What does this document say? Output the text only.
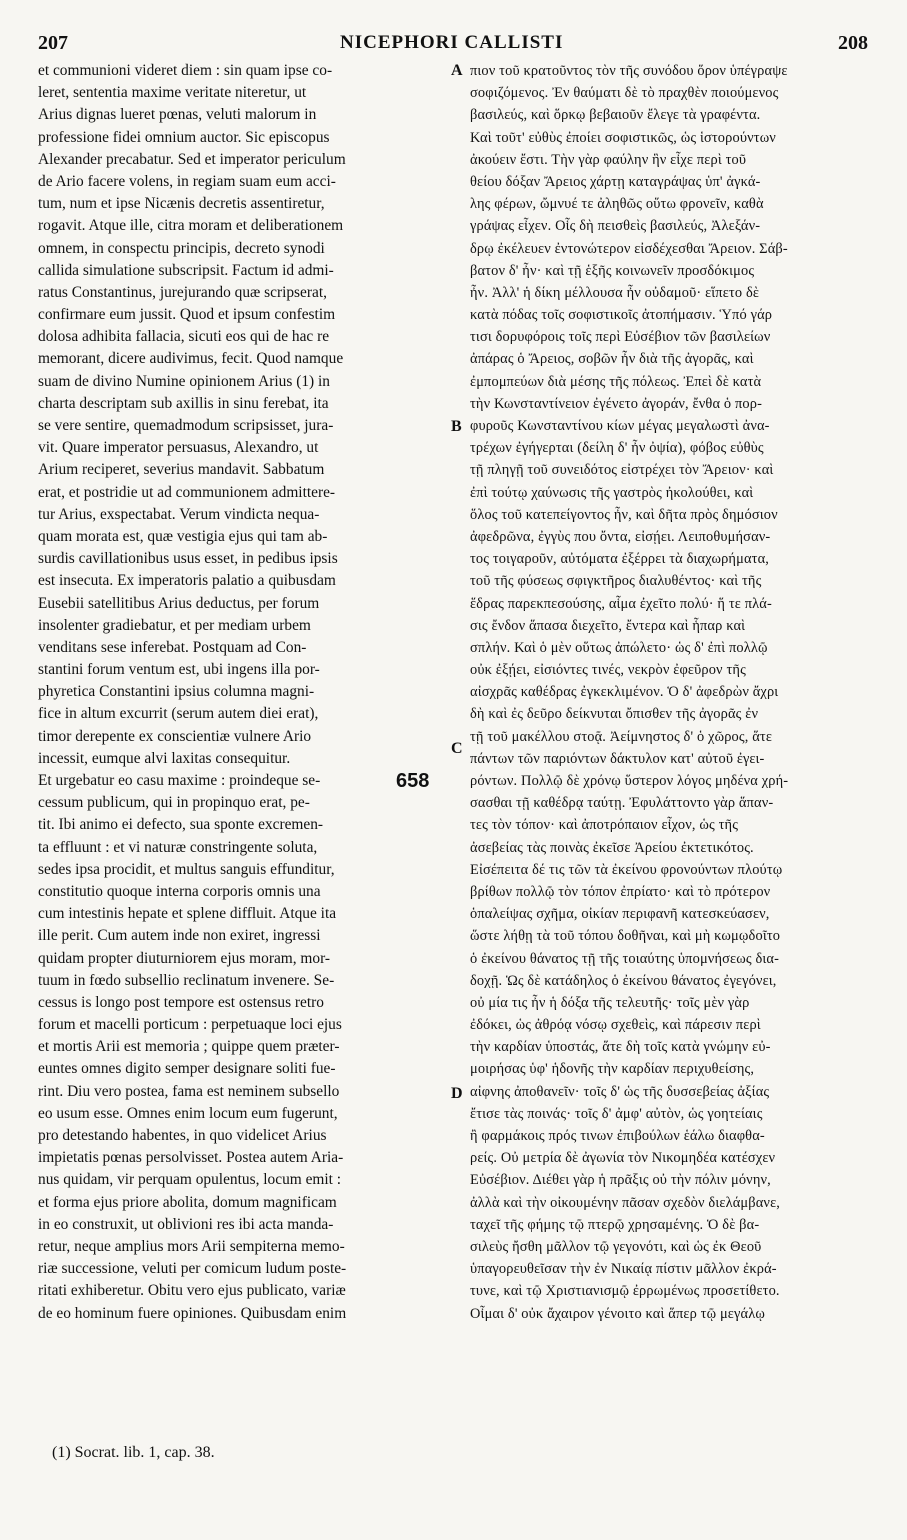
207	NICEPHORI CALLISTI	208
et communioni videret diem : sin quam ipse co-
leret, sententia maxime veritate niteretur, ut
Arius dignas lueret pœnas, veluti malorum in
professione fidei omnium auctor. Sic episcopus
Alexander precabatur. Sed et imperator periculum
de Ario facere volens, in regiam suam eum acci-
tum, num et ipse Nicænis decretis assentiretur,
rogavit. Atque ille, citra moram et deliberationem
omnem, in conspectu principis, decreto synodi
callida simulatione subscripsit. Factum id admi-
ratus Constantinus, jurejurando quæ scripserat,
confirmare eum jussit. Quod et ipsum confestim
dolosa adhibita fallacia, sicuti eos qui de hac re
memorant, dicere audivimus, fecit. Quod namque
suam de divino Numine opinionem Arius (1) in
charta descriptam sub axillis in sinu ferebat, ita
se vere sentire, quemadmodum scripsisset, jura-
vit. Quare imperator persuasus, Alexandro, ut
Arium reciperet, severius mandavit. Sabbatum
erat, et postridie ut ad communionem admittere-
tur Arius, exspectabat. Verum vindicta nequa-
quam morata est, quæ vestigia ejus qui tam ab-
surdis cavillationibus usus esset, in pedibus ipsis
est insecuta. Ex imperatoris palatio a quibusdam
Eusebii satellitibus Arius deductus, per forum
insolenter gradiebatur, et per mediam urbem
venditans sese inferebat. Postquam ad Con-
stantini forum ventum est, ubi ingens illa por-
phyretica Constantini ipsius columna magni-
fice in altum excurrit (serum autem diei erat),
timor derepente ex conscientiæ vulnere Ario
incessit, eumque alvi laxitas consequitur.
Et urgebatur eo casu maxime : proindeque se-
cessum publicum, qui in propinquo erat, pe-
tit. Ibi animo ei defecto, sua sponte excremen-
ta effluunt : et vi naturæ constringente soluta,
sedes ipsa procidit, et multus sanguis effunditur,
constitutio quoque interna corporis omnis una
cum intestinis hepate et splene diffluit. Atque ita
ille perit. Cum autem inde non exiret, ingressi
quidam propter diuturniorem ejus moram, mor-
tuum in fœdo subsellio reclinatum invenere. Se-
cessus is longo post tempore est ostensus retro
forum et macelli porticum : perpetuaque loci ejus
et mortis Arii est memoria ; quippe quem præter-
euntes omnes digito semper designare soliti fue-
rint. Diu vero postea, fama est neminem subsello
eo usum esse. Omnes enim locum eum fugerunt,
pro detestando habentes, in quo videlicet Arius
impietatis pœnas persolvisset. Postea autem Aria-
nus quidam, vir perquam opulentus, locum emit :
et forma ejus priore abolita, domum magnificam
in eo construxit, ut oblivioni res ibi acta manda-
retur, neque amplius mors Arii sempiterna memo-
riæ successione, veluti per comicum ludum poste-
ritati exhiberetur. Obitu vero ejus publicato, variæ
de eo hominum fuere opiniones. Quibusdam enim
πιον τοῦ κρατοῦντος τὸν τῆς συνόδου ὅρον ὑπέγραψε
σοφιζόμενος. Ἐν θαύματι δὲ τὸ πραχθὲν ποιούμενος
βασιλεύς, καὶ ὅρκῳ βεβαιοῦν ἔλεγε τὰ γραφέντα.
Καὶ τοῦτ' εὐθὺς ἐποίει σοφιστικῶς, ὡς ἱστορούντων
ἀκούειν ἔστι. Τὴν γὰρ φαύλην ἣν εἶχε περὶ τοῦ
θείου δόξαν Ἄρειος χάρτῃ καταγράψας ὑπ' ἀγκά-
λης φέρων, ὤμνυέ τε ἀληθῶς οὕτω φρονεῖν, καθὰ
γράψας εἶχεν. Οἷς δὴ πεισθεὶς βασιλεύς, Ἀλεξάν-
δρῳ ἐκέλευεν ἐντονώτερον εἰσδέχεσθαι Ἄρειον. Σάβ-
βατον δ' ἦν· καὶ τῇ ἑξῆς κοινωνεῖν προσδόκιμος
ἦν. Ἀλλ' ἡ δίκη μέλλουσα ἦν οὐδαμοῦ· εἵπετο δὲ
κατὰ πόδας τοῖς σοφιστικοῖς ἀτοπήμασιν. Ὑπό γάρ
τισι δορυφόροις τοῖς περὶ Εὐσέβιον τῶν βασιλείων
ἀπάρας ὁ Ἄρειος, σοβῶν ἦν διὰ τῆς ἀγορᾶς, καὶ
ἐμπομπεύων διὰ μέσης τῆς πόλεως. Ἐπεὶ δὲ κατὰ
τὴν Κωνσταντίνειον ἐγένετο ἀγοράν, ἔνθα ὁ πορ-
φυροῦς Κωνσταντίνου κίων μέγας μεγαλωστὶ ἀνα-
τρέχων ἐγήγερται (δείλη δ' ἦν ὀψία), φόβος εὐθὺς
τῇ πληγῇ τοῦ συνειδότος εἰστρέχει τὸν Ἄρειον· καὶ
ἐπὶ τούτῳ χαύνωσις τῆς γαστρὸς ἠκολούθει, καὶ
ὅλος τοῦ κατεπείγοντος ἦν, καὶ δῆτα πρὸς δημόσιον
ἀφεδρῶνα, ἐγγὺς που ὄντα, εἰσῄει. Λειποθυμήσαν-
τος τοιγαροῦν, αὐτόματα ἐξέρρει τὰ διαχωρήματα,
τοῦ τῆς φύσεως σφιγκτῆρος διαλυθέντος· καὶ τῆς
ἕδρας παρεκπεσούσης, αἷμα ἐχεῖτο πολύ· ἥ τε πλά-
σις ἔνδον ἅπασα διεχεῖτο, ἔντερα καὶ ἧπαρ καὶ
σπλήν. Καὶ ὁ μὲν οὕτως ἀπώλετο· ὡς δ' ἐπὶ πολλῷ
οὐκ ἐξῄει, εἰσιόντες τινές, νεκρὸν ἐφεῦρον τῆς
αἰσχρᾶς καθέδρας ἐγκεκλιμένον. Ὁ δ' ἀφεδρὼν ἄχρι
δὴ καὶ ἐς δεῦρο δείκνυται ὄπισθεν τῆς ἀγορᾶς ἐν
τῇ τοῦ μακέλλου στοᾷ. Ἀείμνηστος δ' ὁ χῶρος, ἅτε
πάντων τῶν παριόντων δάκτυλον κατ' αὐτοῦ ἐγει-
ρόντων. Πολλῷ δὲ χρόνῳ ὕστερον λόγος μηδένα χρή-
σασθαι τῇ καθέδρᾳ ταύτῃ. Ἐφυλάττοντο γὰρ ἅπαν-
τες τὸν τόπον· καὶ ἀποτρόπαιον εἶχον, ὡς τῆς
ἀσεβείας τὰς ποινὰς ἐκεῖσε Ἀρείου ἐκτετικότος.
Εἰσέπειτα δέ τις τῶν τὰ ἐκείνου φρονούντων πλούτῳ
βρίθων πολλῷ τὸν τόπον ἐπρίατο· καὶ τὸ πρότερον
ὁπαλείψας σχῆμα, οἰκίαν περιφανῆ κατεσκεύασεν,
ὥστε λήθῃ τὰ τοῦ τόπου δοθῆναι, καὶ μὴ κωμῳδοῖτο
ὁ ἐκείνου θάνατος τῇ τῆς τοιαύτης ὑπομνήσεως δια-
δοχῇ. Ὡς δὲ κατάδηλος ὁ ἐκείνου θάνατος ἐγεγόνει,
οὐ μία τις ἦν ἡ δόξα τῆς τελευτῆς· τοῖς μὲν γὰρ
ἐδόκει, ὡς ἀθρόᾳ νόσῳ σχεθεὶς, καὶ πάρεσιν περὶ
τὴν καρδίαν ὑποστάς, ἅτε δὴ τοῖς κατὰ γνώμην εὐ-
μοιρήσας ὑφ' ἡδονῆς τὴν καρδίαν περιχυθείσης,
αἰφνης ἀποθανεῖν· τοῖς δ' ὡς τῆς δυσσεβείας ἀξίας
ἔτισε τὰς ποινάς· τοῖς δ' ἀμφ' αὐτὸν, ὡς γοητείαις
ἢ φαρμάκοις πρός τινων ἐπιβούλων ἑάλω διαφθα-
ρείς. Οὐ μετρία δὲ ἀγωνία τὸν Νικομηδέα κατέσχεν
Εὐσέβιον. Διέθει γὰρ ἡ πρᾶξις οὐ τὴν πόλιν μόνην,
ἀλλὰ καὶ τὴν οἰκουμένην πᾶσαν σχεδὸν διελάμβανε,
ταχεῖ τῆς φήμης τῷ πτερῷ χρησαμένης. Ὁ δὲ βα-
σιλεὺς ἤσθη μᾶλλον τῷ γεγονότι, καὶ ὡς ἐκ Θεοῦ
ὑπαγορευθεῖσαν τὴν ἐν Νικαίᾳ πίστιν μᾶλλον ἐκρά-
τυνε, καὶ τῷ Χριστιανισμῷ ἐρρωμένως προσετίθετο.
Οἶμαι δ' οὐκ ἄχαιρον γένοιτο καὶ ἅπερ τῷ μεγάλῳ
A
B
C
D
658
(1) Socrat. lib. 1, cap. 38.
